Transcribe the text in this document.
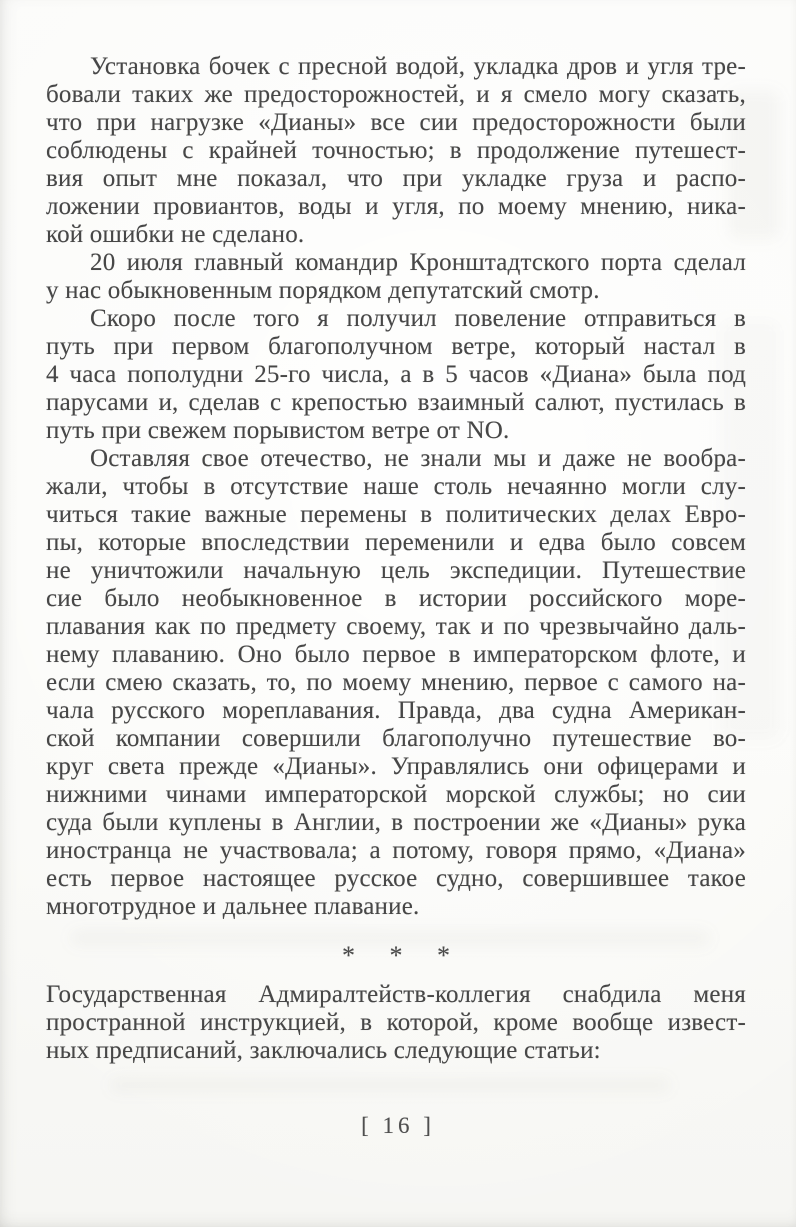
Установка бочек с пресной водой, укладка дров и угля тре-
бовали таких же предосторожностей, и я смело могу сказать,
что при нагрузке «Дианы» все сии предосторожности были
соблюдены с крайней точностью; в продолжение путешест-
вия опыт мне показал, что при укладке груза и распо-
ложении провиантов, воды и угля, по моему мнению, ника-
кой ошибки не сделано.
20 июля главный командир Кронштадтского порта сделал
у нас обыкновенным порядком депутатский смотр.
Скоро после того я получил повеление отправиться в
путь при первом благополучном ветре, который настал в
4 часа пополудни 25-го числа, а в 5 часов «Диана» была под
парусами и, сделав с крепостью взаимный салют, пустилась в
путь при свежем порывистом ветре от NO.
Оставляя свое отечество, не знали мы и даже не вообра-
жали, чтобы в отсутствие наше столь нечаянно могли слу-
читься такие важные перемены в политических делах Евро-
пы, которые впоследствии переменили и едва было совсем
не уничтожили начальную цель экспедиции. Путешествие
сие было необыкновенное в истории российского море-
плавания как по предмету своему, так и по чрезвычайно даль-
нему плаванию. Оно было первое в императорском флоте, и
если смею сказать, то, по моему мнению, первое с самого на-
чала русского мореплавания. Правда, два судна Американ-
ской компании совершили благополучно путешествие во-
круг света прежде «Дианы». Управлялись они офицерами и
нижними чинами императорской морской службы; но сии
суда были куплены в Англии, в построении же «Дианы» рука
иностранца не участвовала; а потому, говоря прямо, «Диана»
есть первое настоящее русское судно, совершившее такое
многотрудное и дальнее плавание.
* * *
Государственная Адмиралтейств-коллегия снабдила меня
пространной инструкцией, в которой, кроме вообще извест-
ных предписаний, заключались следующие статьи:
[ 16 ]
